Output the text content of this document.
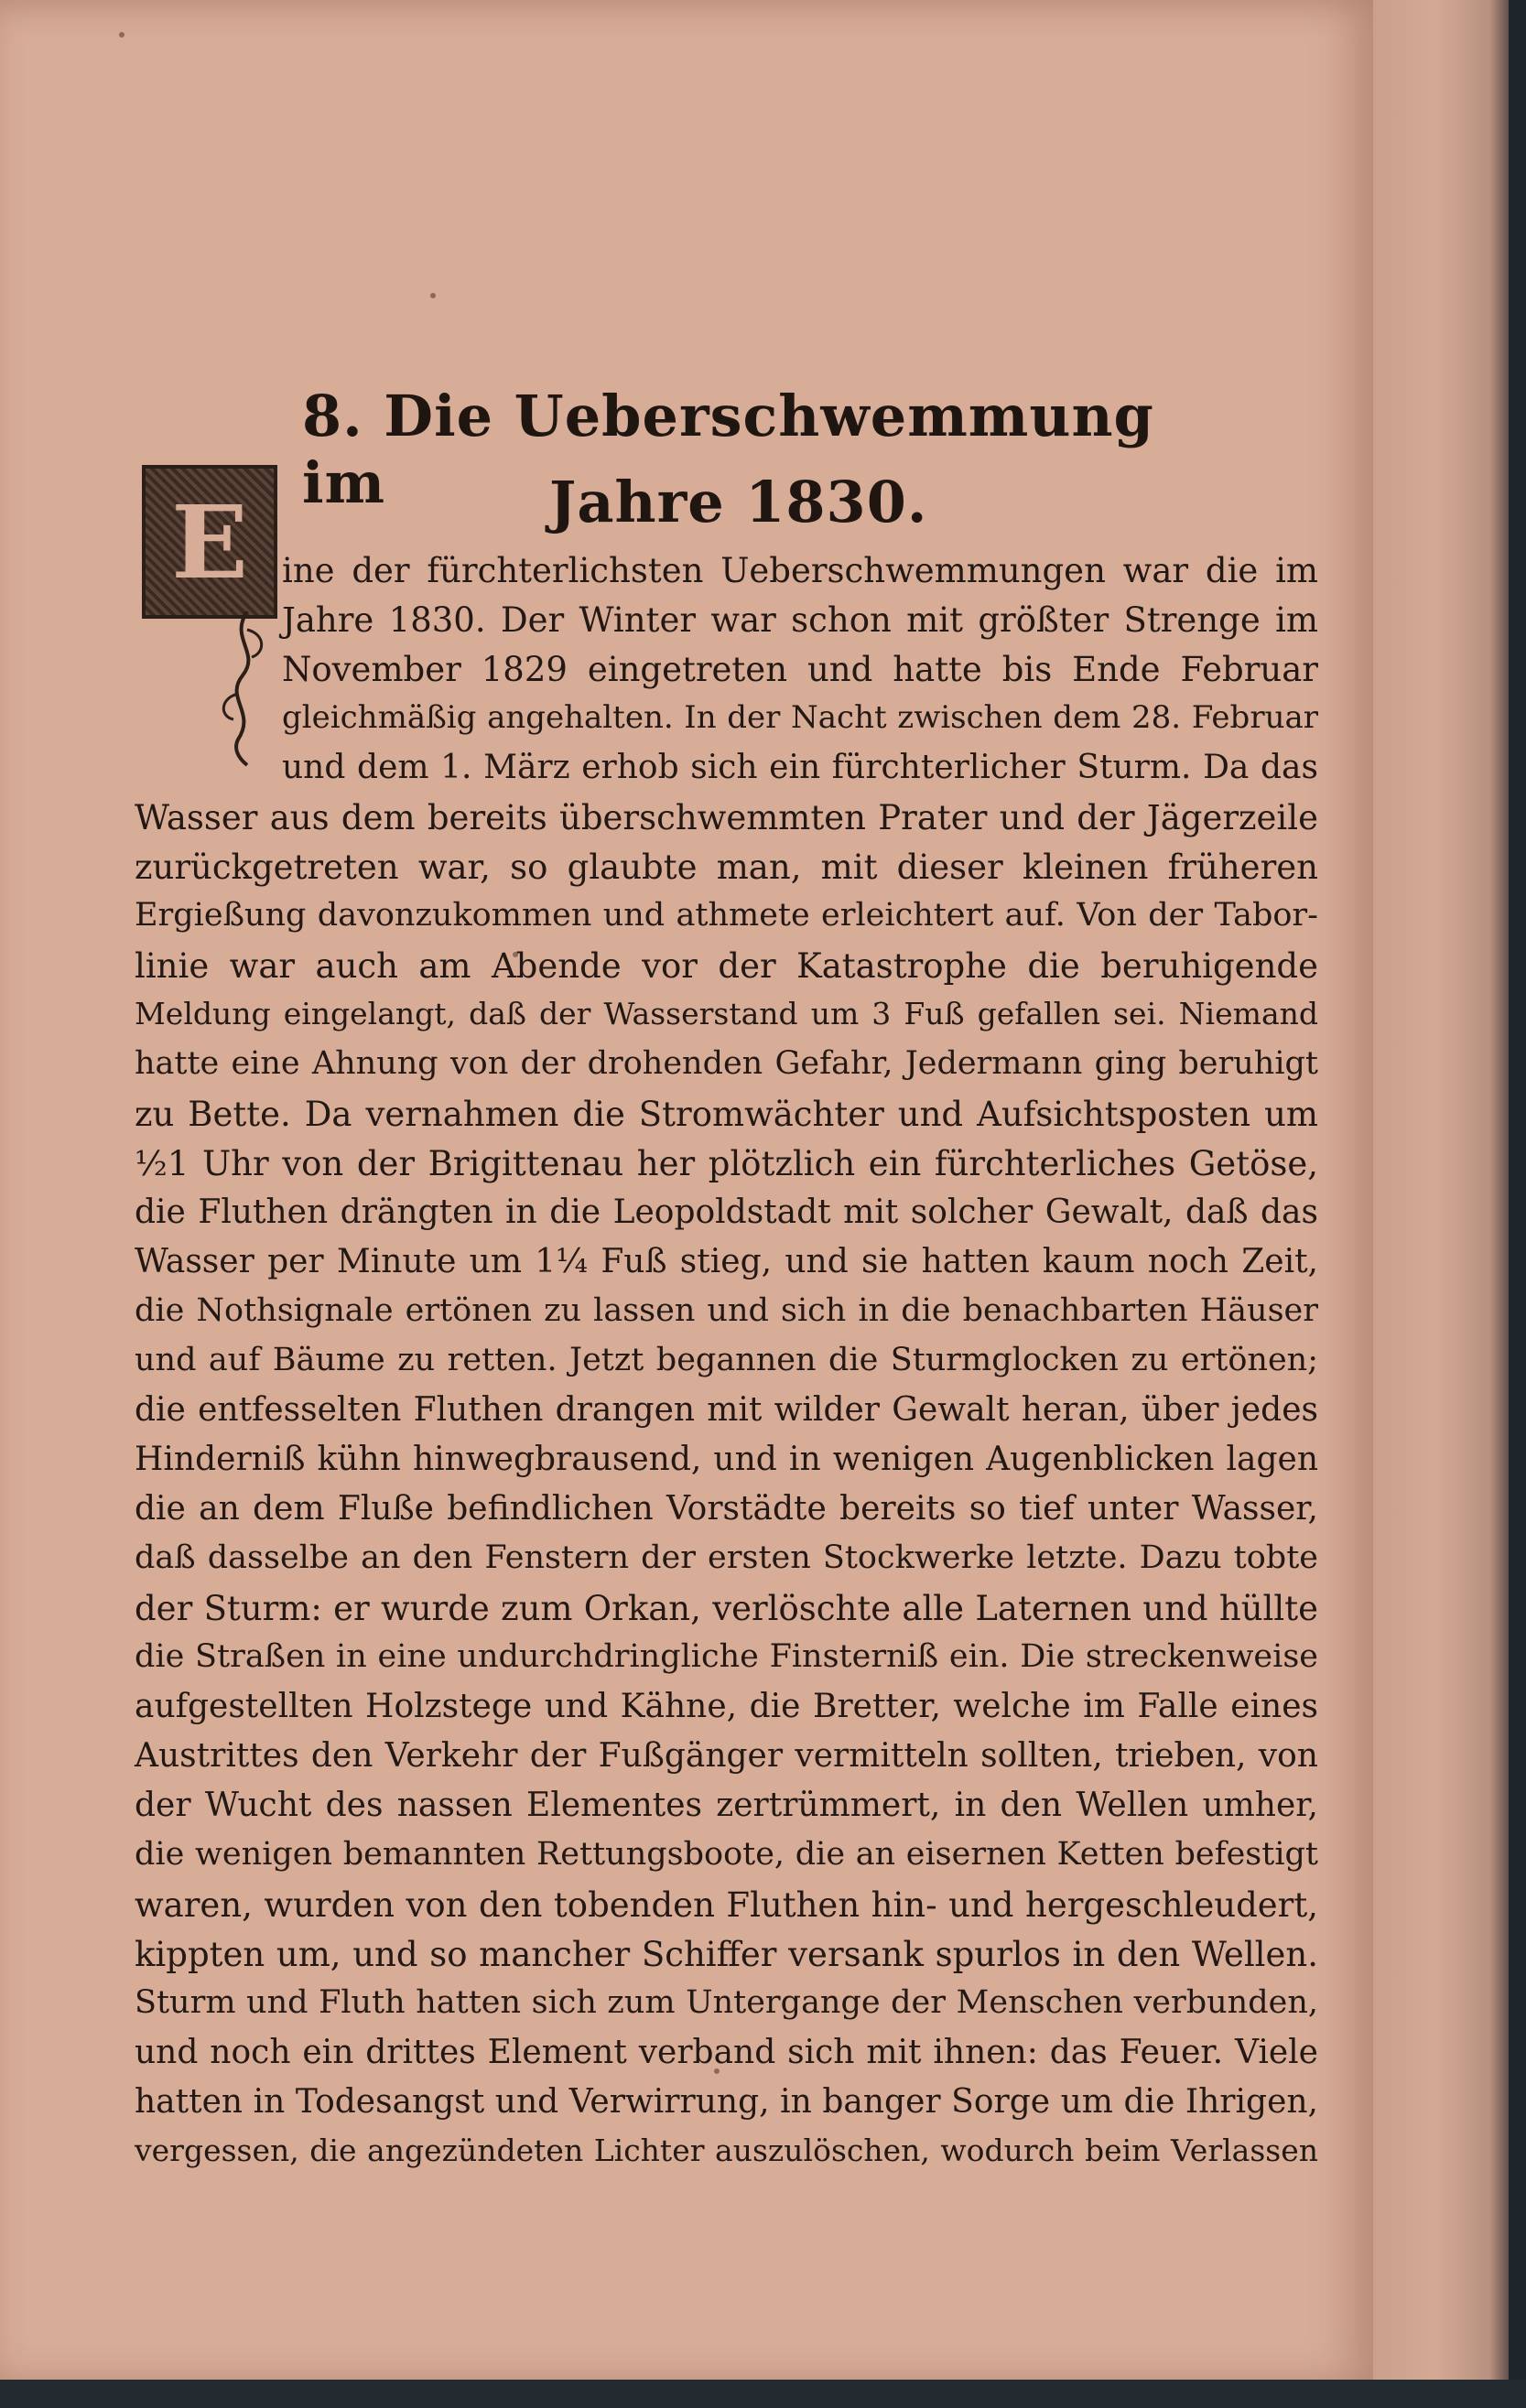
8. Die Ueberschwemmung im	Jahre 1830.
E	ine der fürchterlichsten Ueberschwemmungen war die im
Jahre 1830. Der Winter war schon mit größter Strenge im
November 1829 eingetreten und hatte bis Ende Februar
gleichmäßig angehalten. In der Nacht zwischen dem 28. Februar
und dem 1. März erhob sich ein fürchterlicher Sturm. Da das
Wasser aus dem bereits überschwemmten Prater und der Jägerzeile
zurückgetreten war, so glaubte man, mit dieser kleinen früheren
Ergießung davonzukommen und athmete erleichtert auf. Von der Tabor-
linie war auch am Abende vor der Katastrophe die beruhigende
Meldung eingelangt, daß der Wasserstand um 3 Fuß gefallen sei. Niemand
hatte eine Ahnung von der drohenden Gefahr, Jedermann ging beruhigt
zu Bette. Da vernahmen die Stromwächter und Aufsichtsposten um
½1 Uhr von der Brigittenau her plötzlich ein fürchterliches Getöse,
die Fluthen drängten in die Leopoldstadt mit solcher Gewalt, daß das
Wasser per Minute um 1¼ Fuß stieg, und sie hatten kaum noch Zeit,
die Nothsignale ertönen zu lassen und sich in die benachbarten Häuser
und auf Bäume zu retten. Jetzt begannen die Sturmglocken zu ertönen;
die entfesselten Fluthen drangen mit wilder Gewalt heran, über jedes
Hinderniß kühn hinwegbrausend, und in wenigen Augenblicken lagen
die an dem Fluße befindlichen Vorstädte bereits so tief unter Wasser,
daß dasselbe an den Fenstern der ersten Stockwerke letzte. Dazu tobte
der Sturm: er wurde zum Orkan, verlöschte alle Laternen und hüllte
die Straßen in eine undurchdringliche Finsterniß ein. Die streckenweise
aufgestellten Holzstege und Kähne, die Bretter, welche im Falle eines
Austrittes den Verkehr der Fußgänger vermitteln sollten, trieben, von
der Wucht des nassen Elementes zertrümmert, in den Wellen umher,
die wenigen bemannten Rettungsboote, die an eisernen Ketten befestigt
waren, wurden von den tobenden Fluthen hin- und hergeschleudert,
kippten um, und so mancher Schiffer versank spurlos in den Wellen.
Sturm und Fluth hatten sich zum Untergange der Menschen verbunden,
und noch ein drittes Element verband sich mit ihnen: das Feuer. Viele
hatten in Todesangst und Verwirrung, in banger Sorge um die Ihrigen,
vergessen, die angezündeten Lichter auszulöschen, wodurch beim Verlassen
